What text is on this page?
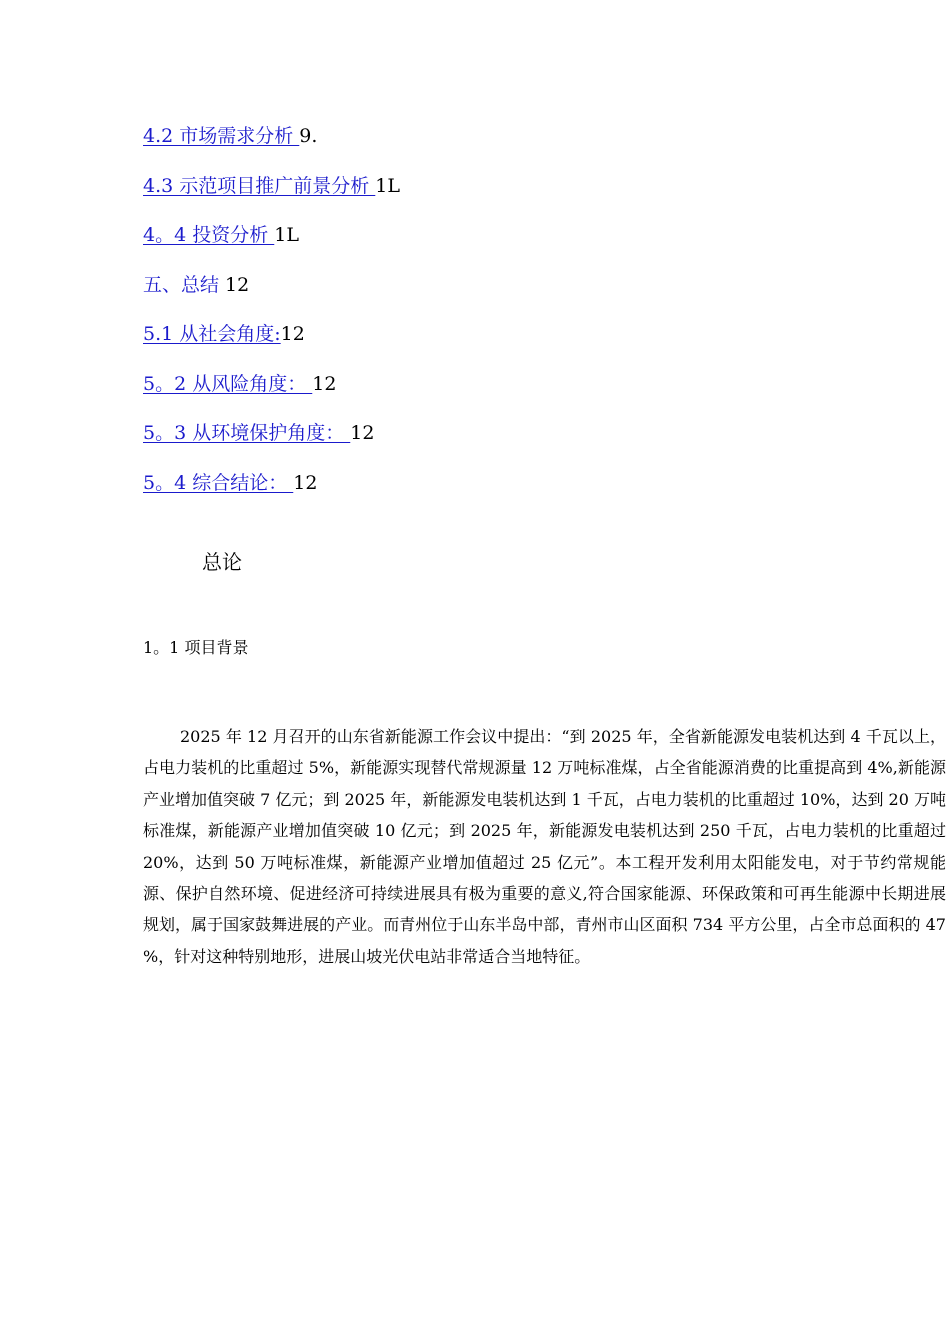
4.2 市场需求分析 9.
4.3 示范项目推广前景分析 1L
4。4 投资分析 1L
五、总结 12
5.1 从社会角度:12
5。2 从风险角度： 12
5。3 从环境保护角度： 12
5。4 综合结论： 12
总论
1。1 项目背景

2025 年 12 月召开的山东省新能源工作会议中提出：“到 2025 年，全省新能源发电装机达到 4 千瓦以上，占电力装机的比重超过 5%，新能源实现替代常规源量 12 万吨标准煤，占全省能源消费的比重提高到 4%,新能源产业增加值突破 7 亿元；到 2025 年，新能源发电装机达到 1 千瓦，占电力装机的比重超过 10%，达到 20 万吨标准煤，新能源产业增加值突破 10 亿元；到 2025 年，新能源发电装机达到 250 千瓦，占电力装机的比重超过 20%，达到 50 万吨标准煤，新能源产业增加值超过 25 亿元”。本工程开发利用太阳能发电，对于节约常规能源、保护自然环境、促进经济可持续进展具有极为重要的意义,符合国家能源、环保政策和可再生能源中长期进展规划，属于国家鼓舞进展的产业。而青州位于山东半岛中部，青州市山区面积 734 平方公里，占全市总面积的 47 %，针对这种特别地形，进展山坡光伏电站非常适合当地特征。
